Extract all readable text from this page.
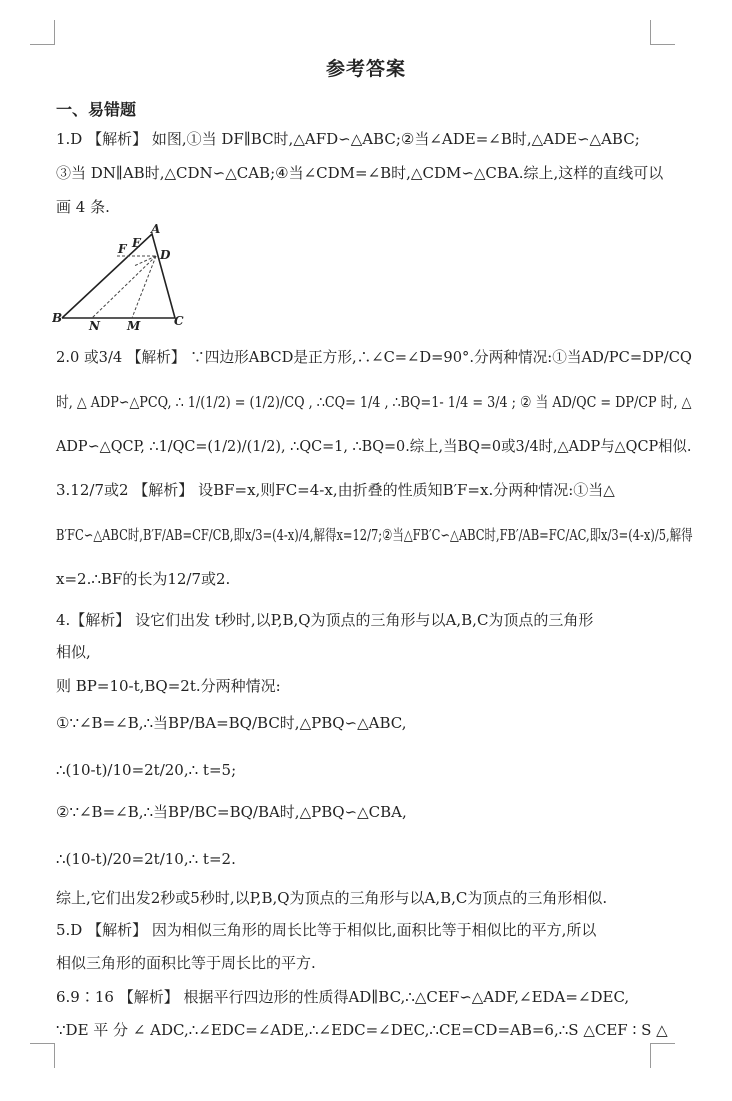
参考答案
一、易错题
1.D 【解析】 如图,①当 DF∥BC时,△AFD∽△ABC;②当∠ADE=∠B时,△ADE∽△ABC;
③当 DN∥AB时,△CDN∽△CAB;④当∠CDM=∠B时,△CDM∽△CBA.综上,这样的直线可以
画 4 条.
A
B	C
D
E
F
N M
2.0 或3/4 【解析】 ∵四边形ABCD是正方形,∴∠C=∠D=90°.分两种情况:①当AD/PC=DP/CQ
时, △ ADP∽△PCQ, ∴ 1/(1/2) = (1/2)/CQ , ∴CQ= 1/4 , ∴BQ=1- 1/4 = 3/4 ; ② 当 AD/QC = DP/CP 时, △
ADP∽△QCP, ∴1/QC=(1/2)/(1/2), ∴QC=1, ∴BQ=0.综上,当BQ=0或3/4时,△ADP与△QCP相似.
3.12/7或2 【解析】 设BF=x,则FC=4-x,由折叠的性质知B′F=x.分两种情况:①当△
B′FC∽△ABC时,B′F/AB=CF/CB,即x/3=(4-x)/4,解得x=12/7;②当△FB′C∽△ABC时,FB′/AB=FC/AC,即x/3=(4-x)/5,解得
x=2.∴BF的长为12/7或2.
4.【解析】 设它们出发 t秒时,以P,B,Q为顶点的三角形与以A,B,C为顶点的三角形
相似,
则 BP=10-t,BQ=2t.分两种情况:
①∵∠B=∠B,∴当BP/BA=BQ/BC时,△PBQ∽△ABC,
∴(10-t)/10=2t/20,∴ t=5;
②∵∠B=∠B,∴当BP/BC=BQ/BA时,△PBQ∽△CBA,
∴(10-t)/20=2t/10,∴ t=2.
综上,它们出发2秒或5秒时,以P,B,Q为顶点的三角形与以A,B,C为顶点的三角形相似.
5.D 【解析】 因为相似三角形的周长比等于相似比,面积比等于相似比的平方,所以
相似三角形的面积比等于周长比的平方.
6.9∶16 【解析】 根据平行四边形的性质得AD∥BC,∴△CEF∽△ADF,∠EDA=∠DEC,
∵DE 平 分 ∠ ADC,∴∠EDC=∠ADE,∴∠EDC=∠DEC,∴CE=CD=AB=6,∴S △CEF ∶ S △
